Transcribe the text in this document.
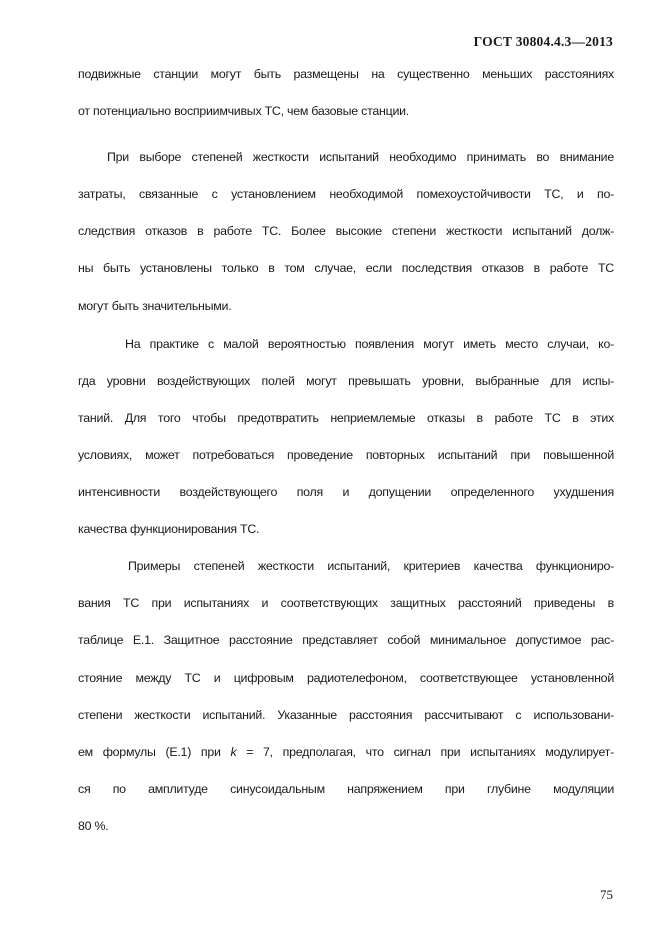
ГОСТ 30804.4.3—2013
подвижные станции могут быть размещены на существенно меньших расстояниях
от потенциально восприимчивых ТС, чем базовые станции.
При выборе степеней жесткости испытаний необходимо принимать во внимание
затраты, связанные с установлением необходимой помехоустойчивости ТС, и по-
следствия отказов в работе ТС. Более высокие степени жесткости испытаний долж-
ны быть установлены только в том случае, если последствия отказов в работе ТС
могут быть значительными.
На практике с малой вероятностью появления могут иметь место случаи, ко-
гда уровни воздействующих полей могут превышать уровни, выбранные для испы-
таний. Для того чтобы предотвратить неприемлемые отказы в работе ТС в этих
условиях, может потребоваться проведение повторных испытаний при повышенной
интенсивности воздействующего поля и допущении определенного ухудшения
качества функционирования ТС.
Примеры степеней жесткости испытаний, критериев качества функциониро-
вания ТС при испытаниях и соответствующих защитных расстояний приведены в
таблице Е.1. Защитное расстояние представляет собой минимальное допустимое рас-
стояние между ТС и цифровым радиотелефоном, соответствующее установленной
степени жесткости испытаний. Указанные расстояния рассчитывают с использовани-
ем формулы (Е.1) при k = 7, предполагая, что сигнал при испытаниях модулирует-
ся по амплитуде синусоидальным напряжением при глубине модуляции
80 %.
75
